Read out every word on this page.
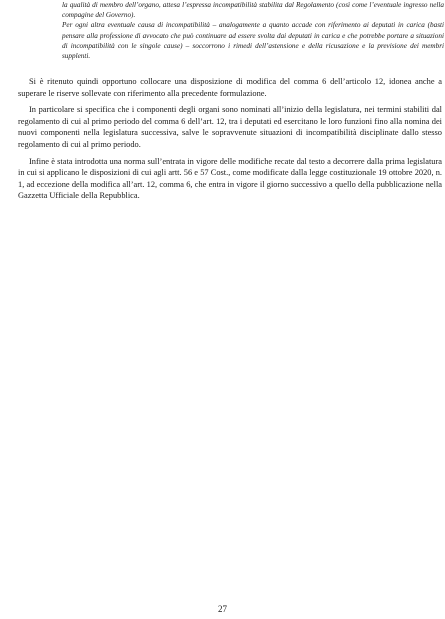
la qualità di membro dell’organo, attesa l’espressa incompatibilità stabilita dal Regolamento (così come l’eventuale ingresso nella compagine del Governo).

Per ogni altra eventuale causa di incompatibilità – analogamente a quanto accade con riferimento ai deputati in carica (basti pensare alla professione di avvocato che può continuare ad essere svolta dai deputati in carica e che potrebbe portare a situazioni di incompatibilità con le singole cause) – soccorrono i rimedi dell’astensione e della ricusazione e la previsione dei membri supplenti.

Si è ritenuto quindi opportuno collocare una disposizione di modifica del comma 6 dell’articolo 12, idonea anche a superare le riserve sollevate con riferimento alla precedente formulazione.

In particolare si specifica che i componenti degli organi sono nominati all’inizio della legislatura, nei termini stabiliti dal regolamento di cui al primo periodo del comma 6 dell’art. 12, tra i deputati ed esercitano le loro funzioni fino alla nomina dei nuovi componenti nella legislatura successiva, salve le sopravvenute situazioni di incompatibilità disciplinate dallo stesso regolamento di cui al primo periodo.

Infine è stata introdotta una norma sull’entrata in vigore delle modifiche recate dal testo a decorrere dalla prima legislatura in cui si applicano le disposizioni di cui agli artt. 56 e 57 Cost., come modificate dalla legge costituzionale 19 ottobre 2020, n. 1, ad eccezione della modifica all’art. 12, comma 6, che entra in vigore il giorno successivo a quello della pubblicazione nella Gazzetta Ufficiale della Repubblica.

27
